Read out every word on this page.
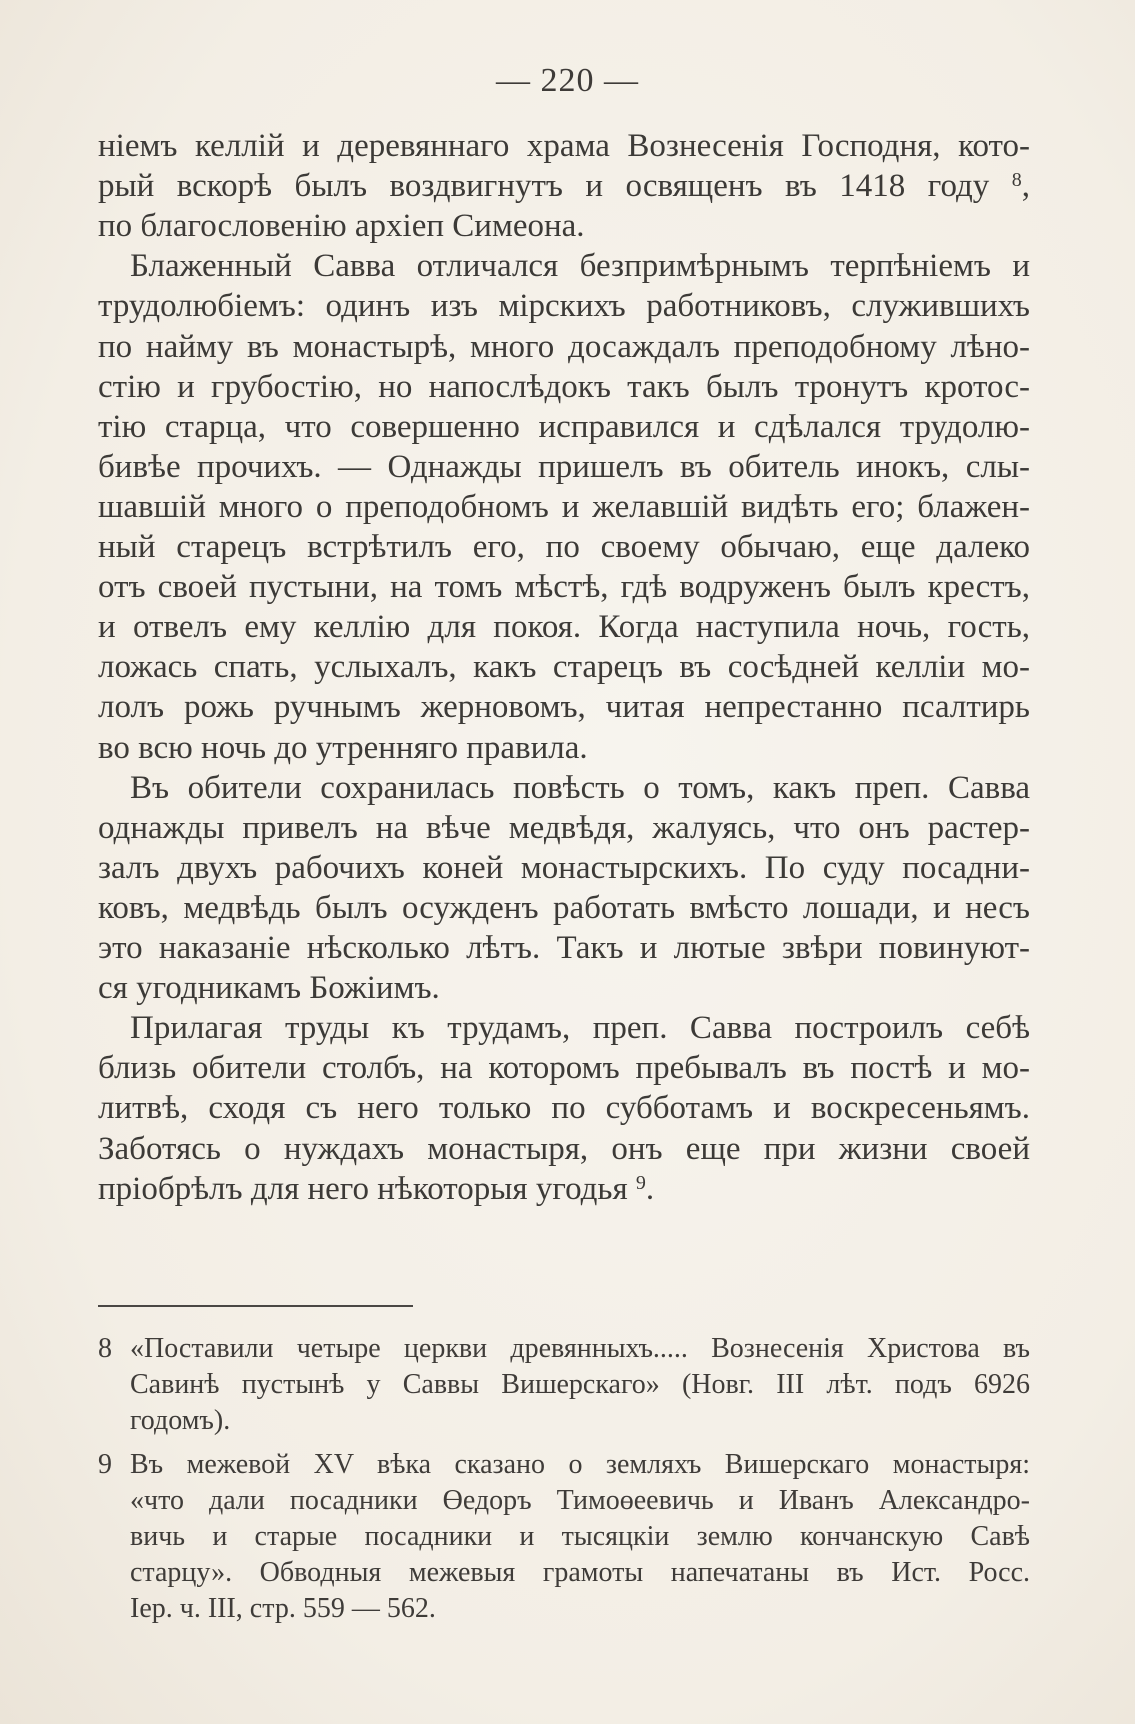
— 220 —
ніемъ келлій и деревяннаго храма Вознесенія Господня, кото-
рый вскорѣ былъ воздвигнутъ и освященъ въ 1418 году $^8$,
по благословенію архіеп Симеона.
Блаженный Савва отличался безпримѣрнымъ терпѣніемъ и
трудолюбіемъ: одинъ изъ мірскихъ работниковъ, служившихъ
по найму въ монастырѣ, много досаждалъ преподобному лѣно-
стію и грубостію, но напослѣдокъ такъ былъ тронутъ кротос-
тію старца, что совершенно исправился и сдѣлался трудолю-
бивѣе прочихъ. — Однажды пришелъ въ обитель инокъ, слы-
шавшій много о преподобномъ и желавшій видѣть его; блажен-
ный старецъ встрѣтилъ его, по своему обычаю, еще далеко
отъ своей пустыни, на томъ мѣстѣ, гдѣ водруженъ былъ крестъ,
и отвелъ ему келлію для покоя. Когда наступила ночь, гость,
ложась спать, услыхалъ, какъ старецъ въ сосѣдней келліи мо-
лолъ рожь ручнымъ жерновомъ, читая непрестанно псалтирь
во всю ночь до утренняго правила.
Въ обители сохранилась повѣсть о томъ, какъ преп. Савва
однажды привелъ на вѣче медвѣдя, жалуясь, что онъ растер-
залъ двухъ рабочихъ коней монастырскихъ. По суду посадни-
ковъ, медвѣдь былъ осужденъ работать вмѣсто лошади, и несъ
это наказаніе нѣсколько лѣтъ. Такъ и лютые звѣри повинуют-
ся угодникамъ Божіимъ.
Прилагая труды къ трудамъ, преп. Савва построилъ себѣ
близь обители столбъ, на которомъ пребывалъ въ постѣ и мо-
литвѣ, сходя съ него только по субботамъ и воскресеньямъ.
Заботясь о нуждахъ монастыря, онъ еще при жизни своей
пріобрѣлъ для него нѣкоторыя угодья $^9$.
8 «Поставили четыре церкви древянныхъ..... Вознесенія Христова въ
Савинѣ пустынѣ у Саввы Вишерскаго» (Новг. III лѣт. подъ 6926
годомъ).
9 Въ межевой XV вѣка сказано о земляхъ Вишерскаго монастыря:
«что дали посадники Өедоръ Тимоөеевичь и Иванъ Александро-
вичь и старые посадники и тысяцкіи землю кончанскую Савѣ
старцу». Обводныя межевыя грамоты напечатаны въ Ист. Росс.
Іер. ч. III, стр. 559 — 562.
